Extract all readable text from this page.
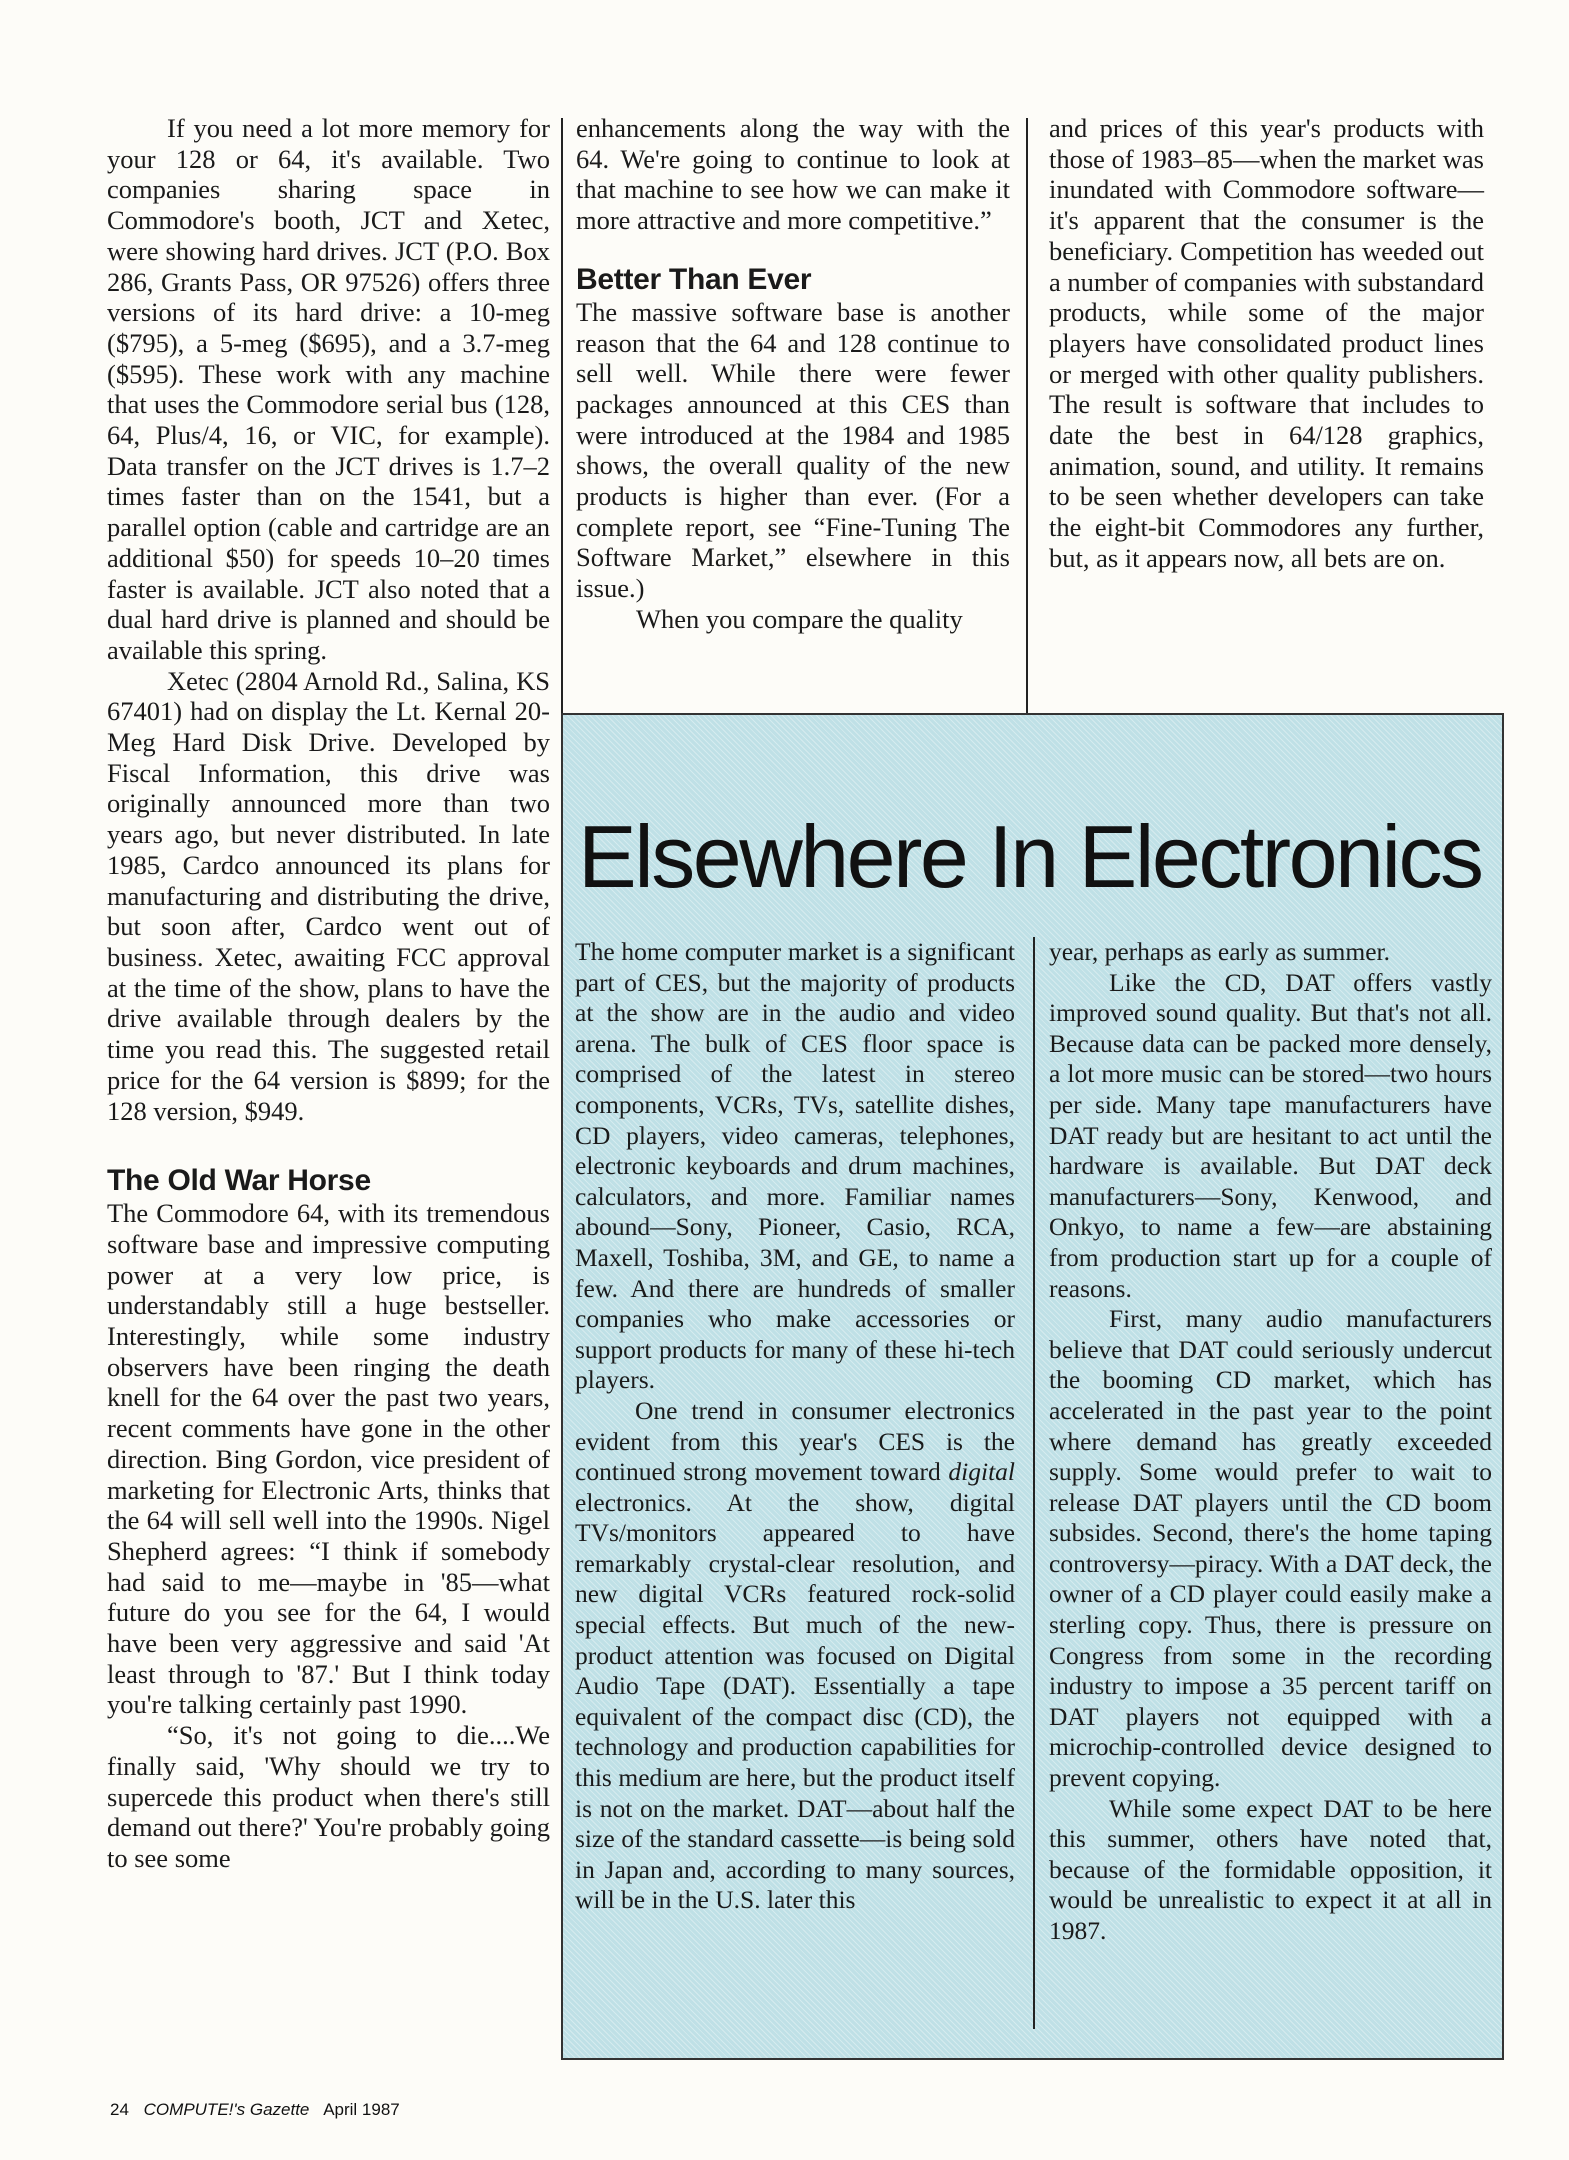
If you need a lot more memory for your 128 or 64, it's available. Two companies sharing space in Commodore's booth, JCT and Xetec, were showing hard drives. JCT (P.O. Box 286, Grants Pass, OR 97526) offers three versions of its hard drive: a 10-meg ($795), a 5-meg ($695), and a 3.7-meg ($595). These work with any machine that uses the Commodore serial bus (128, 64, Plus/4, 16, or VIC, for example). Data transfer on the JCT drives is 1.7–2 times faster than on the 1541, but a parallel option (cable and cartridge are an additional $50) for speeds 10–20 times faster is available. JCT also noted that a dual hard drive is planned and should be available this spring.

Xetec (2804 Arnold Rd., Salina, KS 67401) had on display the Lt. Kernal 20-Meg Hard Disk Drive. Developed by Fiscal Information, this drive was originally announced more than two years ago, but never distributed. In late 1985, Cardco announced its plans for manufacturing and distributing the drive, but soon after, Cardco went out of business. Xetec, awaiting FCC approval at the time of the show, plans to have the drive available through dealers by the time you read this. The suggested retail price for the 64 version is $899; for the 128 version, $949.

The Old War Horse

The Commodore 64, with its tremendous software base and impressive computing power at a very low price, is understandably still a huge bestseller. Interestingly, while some industry observers have been ringing the death knell for the 64 over the past two years, recent comments have gone in the other direction. Bing Gordon, vice president of marketing for Electronic Arts, thinks that the 64 will sell well into the 1990s. Nigel Shepherd agrees: “I think if somebody had said to me—maybe in '85—what future do you see for the 64, I would have been very aggressive and said 'At least through to '87.' But I think today you're talking certainly past 1990.

“So, it's not going to die....We finally said, 'Why should we try to supercede this product when there's still demand out there?' You're probably going to see some

enhancements along the way with the 64. We're going to continue to look at that machine to see how we can make it more attractive and more competitive.”

Better Than Ever

The massive software base is another reason that the 64 and 128 continue to sell well. While there were fewer packages announced at this CES than were introduced at the 1984 and 1985 shows, the overall quality of the new products is higher than ever. (For a complete report, see “Fine-Tuning The Software Market,” elsewhere in this issue.)

When you compare the quality

and prices of this year's products with those of 1983–85—when the market was inundated with Commodore software—it's apparent that the consumer is the beneficiary. Competition has weeded out a number of companies with substandard products, while some of the major players have consolidated product lines or merged with other quality publishers. The result is software that includes to date the best in 64/128 graphics, animation, sound, and utility. It remains to be seen whether developers can take the eight-bit Commodores any further, but, as it appears now, all bets are on.

Elsewhere In Electronics

The home computer market is a significant part of CES, but the majority of products at the show are in the audio and video arena. The bulk of CES floor space is comprised of the latest in stereo components, VCRs, TVs, satellite dishes, CD players, video cameras, telephones, electronic keyboards and drum machines, calculators, and more. Familiar names abound—Sony, Pioneer, Casio, RCA, Maxell, Toshiba, 3M, and GE, to name a few. And there are hundreds of smaller companies who make accessories or support products for many of these hi-tech players.

One trend in consumer electronics evident from this year's CES is the continued strong movement toward digital electronics. At the show, digital TVs/monitors appeared to have remarkably crystal-clear resolution, and new digital VCRs featured rock-solid special effects. But much of the new-product attention was focused on Digital Audio Tape (DAT). Essentially a tape equivalent of the compact disc (CD), the technology and production capabilities for this medium are here, but the product itself is not on the market. DAT—about half the size of the standard cassette—is being sold in Japan and, according to many sources, will be in the U.S. later this

year, perhaps as early as summer.

Like the CD, DAT offers vastly improved sound quality. But that's not all. Because data can be packed more densely, a lot more music can be stored—two hours per side. Many tape manufacturers have DAT ready but are hesitant to act until the hardware is available. But DAT deck manufacturers—Sony, Kenwood, and Onkyo, to name a few—are abstaining from production start up for a couple of reasons.

First, many audio manufacturers believe that DAT could seriously undercut the booming CD market, which has accelerated in the past year to the point where demand has greatly exceeded supply. Some would prefer to wait to release DAT players until the CD boom subsides. Second, there's the home taping controversy—piracy. With a DAT deck, the owner of a CD player could easily make a sterling copy. Thus, there is pressure on Congress from some in the recording industry to impose a 35 percent tariff on DAT players not equipped with a microchip-controlled device designed to prevent copying.

While some expect DAT to be here this summer, others have noted that, because of the formidable opposition, it would be unrealistic to expect it at all in 1987.

24 COMPUTE!'s Gazette April 1987
